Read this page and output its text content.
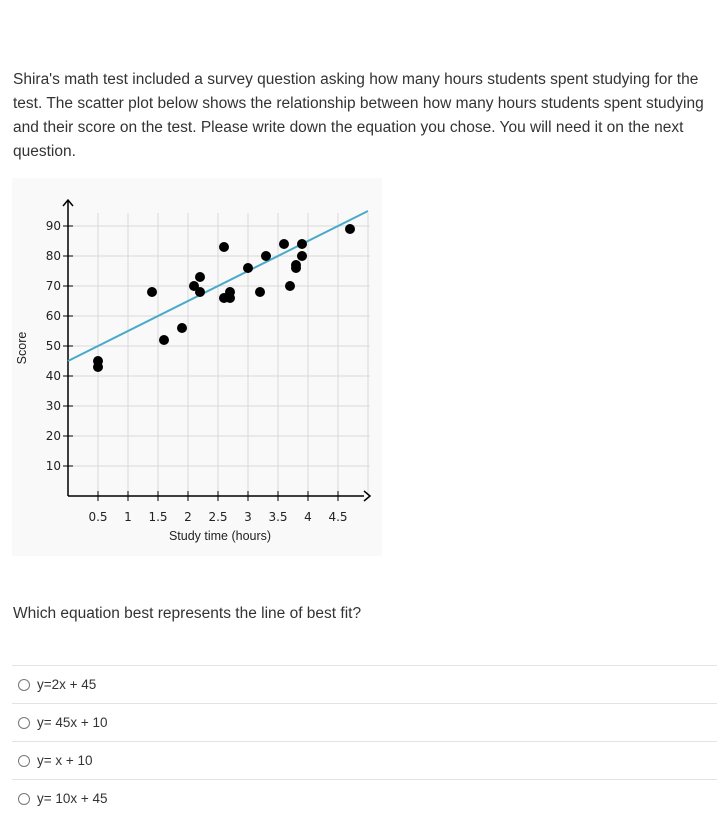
Shira's math test included a survey question asking how many hours students spent studying for the test. The scatter plot below shows the relationship between how many hours students spent studying and their score on the test. Please write down the equation you chose. You will need it on the next question.
0.5 1 1.5 2 2.5 3 3.5 4 4.5
10
20
30
40
50
60
70
80
90
Study time (hours)
Score
Which equation best represents the line of best fit?
y=2x + 45
y= 45x + 10
y= x + 10
y= 10x + 45
